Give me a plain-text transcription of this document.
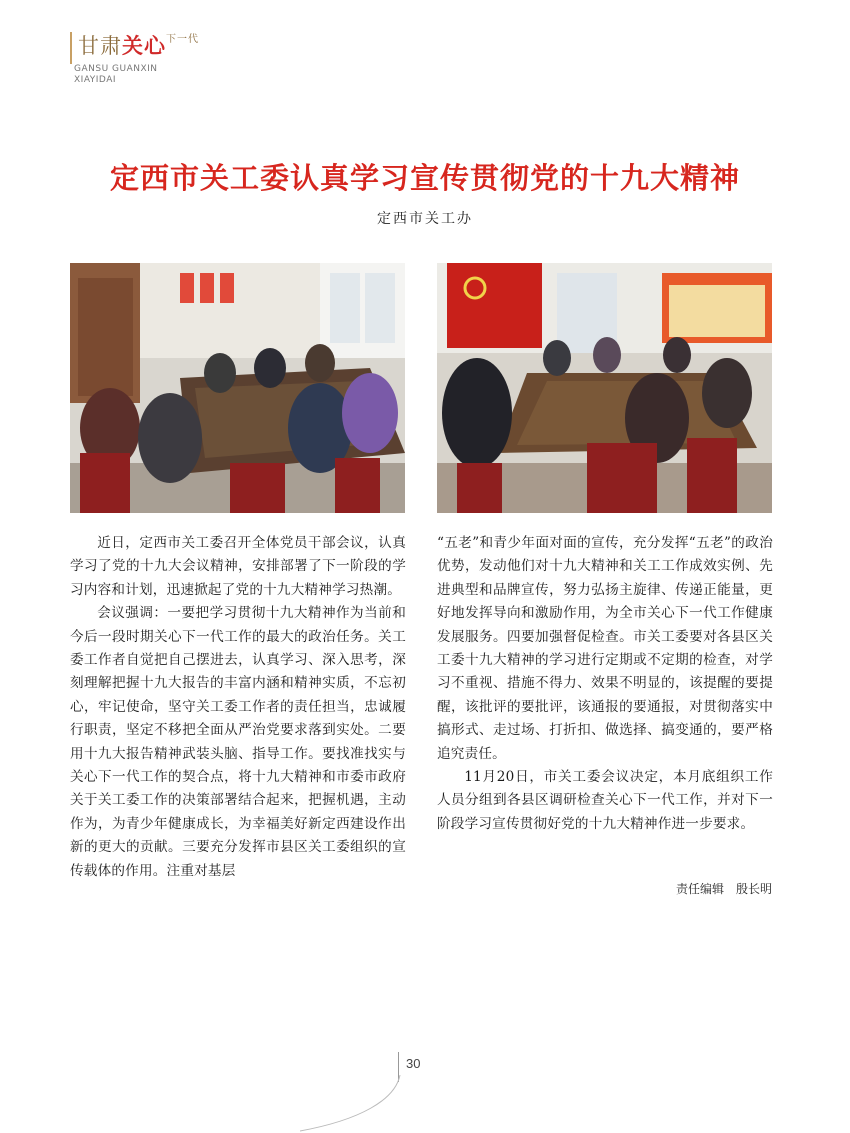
甘肃关心$^{下一代}$
GANSU GUANXIN
XIAYIDAI
定西市关工委认真学习宣传贯彻党的十九大精神
定西市关工办

近日，定西市关工委召开全体党员干部会议，认真学习了党的十九大会议精神，安排部署了下一阶段的学习内容和计划，迅速掀起了党的十九大精神学习热潮。

会议强调：一要把学习贯彻十九大精神作为当前和今后一段时期关心下一代工作的最大的政治任务。关工委工作者自觉把自己摆进去，认真学习、深入思考，深刻理解把握十九大报告的丰富内涵和精神实质，不忘初心，牢记使命，坚守关工委工作者的责任担当，忠诚履行职责，坚定不移把全面从严治党要求落到实处。二要用十九大报告精神武装头脑、指导工作。要找准找实与关心下一代工作的契合点，将十九大精神和市委市政府关于关工委工作的决策部署结合起来，把握机遇，主动作为，为青少年健康成长，为幸福美好新定西建设作出新的更大的贡献。三要充分发挥市县区关工委组织的宣传载体的作用。注重对基层

“五老”和青少年面对面的宣传，充分发挥“五老”的政治优势，发动他们对十九大精神和关工工作成效实例、先进典型和品牌宣传，努力弘扬主旋律、传递正能量，更好地发挥导向和激励作用，为全市关心下一代工作健康发展服务。四要加强督促检查。市关工委要对各县区关工委十九大精神的学习进行定期或不定期的检查，对学习不重视、措施不得力、效果不明显的，该提醒的要提醒，该批评的要批评，该通报的要通报，对贯彻落实中搞形式、走过场、打折扣、做选择、搞变通的，要严格追究责任。

11月20日，市关工委会议决定，本月底组织工作人员分组到各县区调研检查关心下一代工作，并对下一阶段学习宣传贯彻好党的十九大精神作进一步要求。

责任编辑 殷长明
30
